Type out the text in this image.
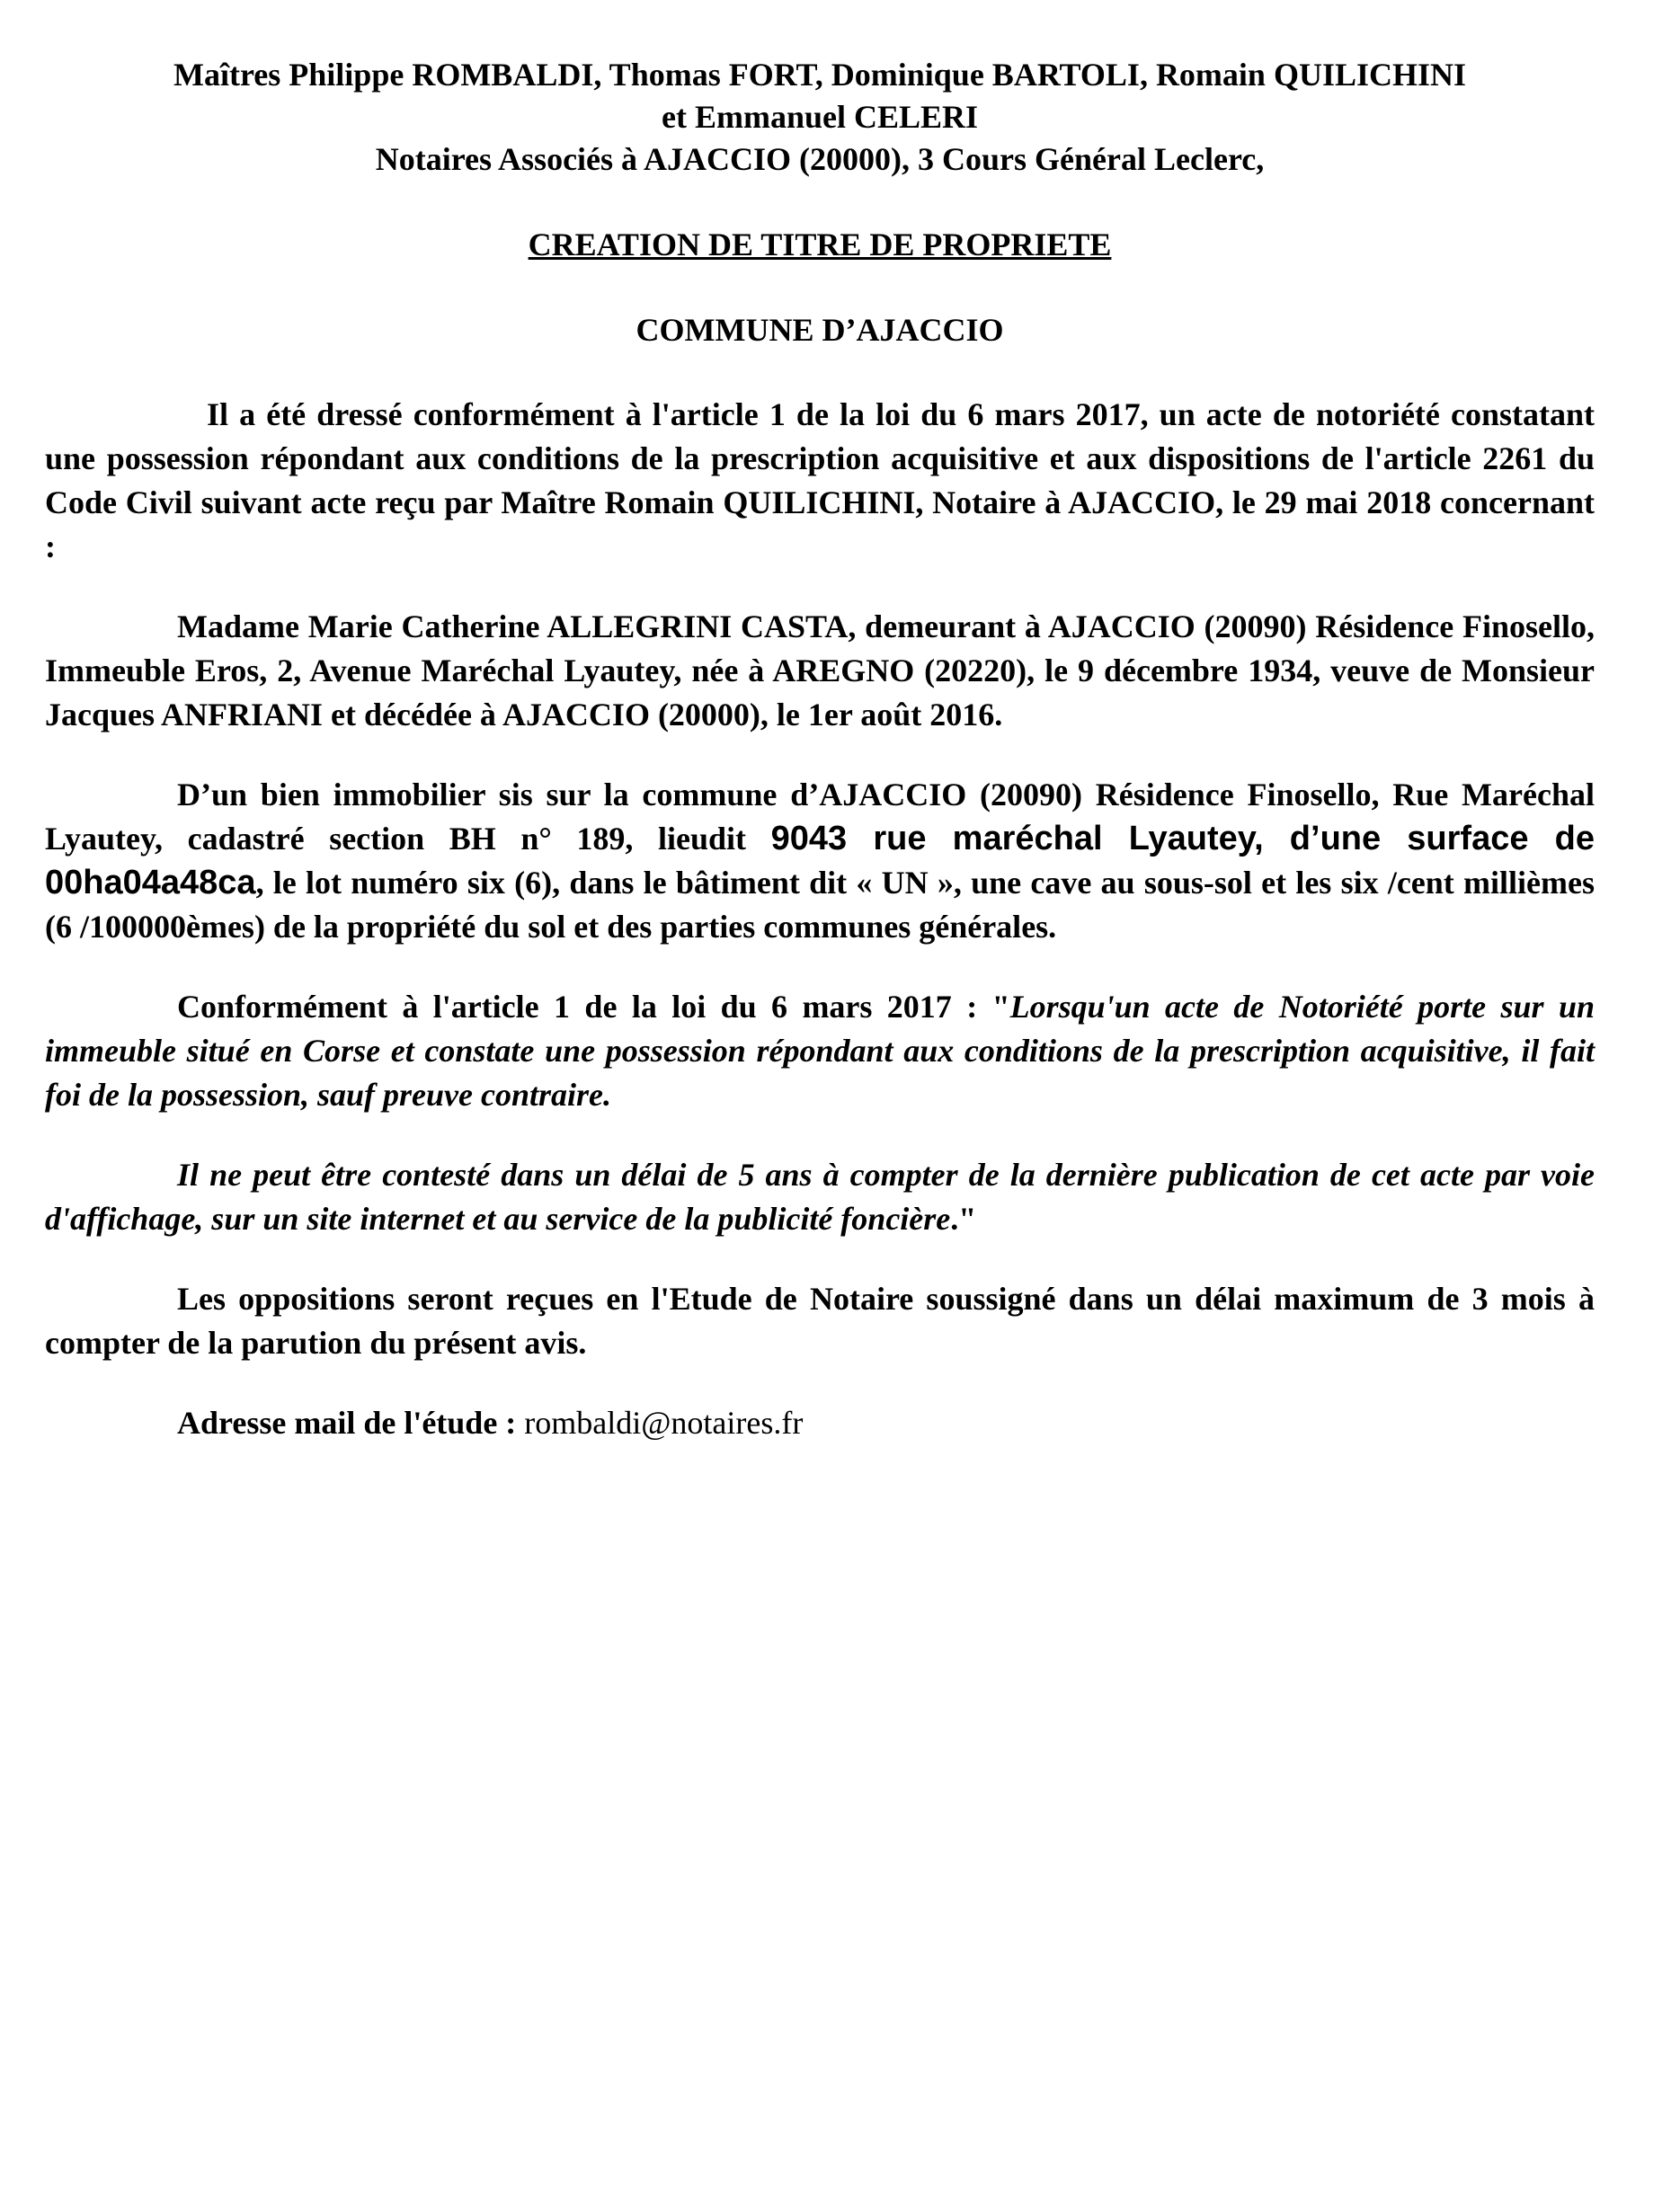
Maîtres Philippe ROMBALDI, Thomas FORT, Dominique BARTOLI, Romain QUILICHINI
et Emmanuel CELERI
Notaires Associés à AJACCIO (20000), 3 Cours Général Leclerc,
CREATION DE TITRE DE PROPRIETE
COMMUNE D’AJACCIO

Il a été dressé conformément à l'article 1 de la loi du 6 mars 2017, un acte de notoriété constatant une possession répondant aux conditions de la prescription acquisitive et aux dispositions de l'article 2261 du Code Civil suivant acte reçu par Maître Romain QUILICHINI, Notaire à AJACCIO, le 29 mai 2018 concernant :

Madame Marie Catherine ALLEGRINI CASTA, demeurant à AJACCIO (20090) Résidence Finosello, Immeuble Eros, 2, Avenue Maréchal Lyautey, née à AREGNO (20220), le 9 décembre 1934, veuve de Monsieur Jacques ANFRIANI et décédée à AJACCIO (20000), le 1er août 2016.

D’un bien immobilier sis sur la commune d’AJACCIO (20090) Résidence Finosello, Rue Maréchal Lyautey, cadastré section BH n° 189, lieudit 9043 rue maréchal Lyautey, d’une surface de 00ha04a48ca, le lot numéro six (6), dans le bâtiment dit « UN », une cave au sous-sol et les six /cent millièmes (6 /100000èmes) de la propriété du sol et des parties communes générales.

Conformément à l'article 1 de la loi du 6 mars 2017 : "Lorsqu'un acte de Notoriété porte sur un immeuble situé en Corse et constate une possession répondant aux conditions de la prescription acquisitive, il fait foi de la possession, sauf preuve contraire.

Il ne peut être contesté dans un délai de 5 ans à compter de la dernière publication de cet acte par voie d'affichage, sur un site internet et au service de la publicité foncière."

Les oppositions seront reçues en l'Etude de Notaire soussigné dans un délai maximum de 3 mois à compter de la parution du présent avis.

Adresse mail de l'étude : rombaldi@notaires.fr
